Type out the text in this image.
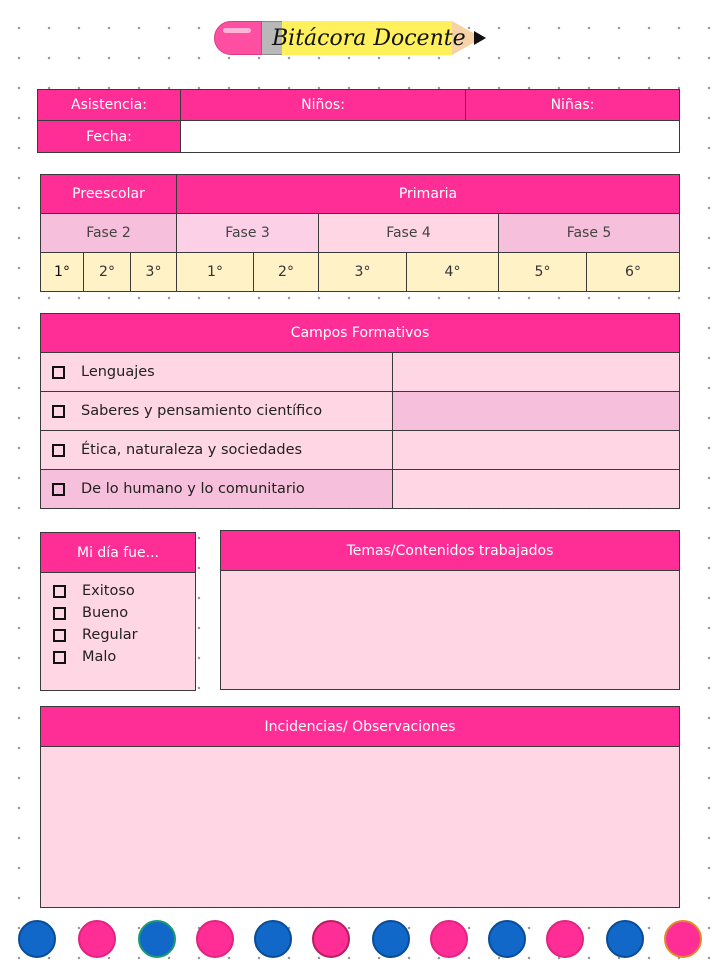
Bitácora Docente
Asistencia:	Niños:	Niñas:
Fecha:
Preescolar	Primaria
Fase 2	Fase 3	Fase 4	Fase 5
1°	2°	3°	1°	2°	3°	4°	5°	6°
Campos Formativos
Lenguajes
Saberes y pensamiento científico
Ética, naturaleza y sociedades
De lo humano y lo comunitario
Mi día fue...
Exitoso
Bueno
Regular
Malo
Temas/Contenidos trabajados
Incidencias/ Observaciones
